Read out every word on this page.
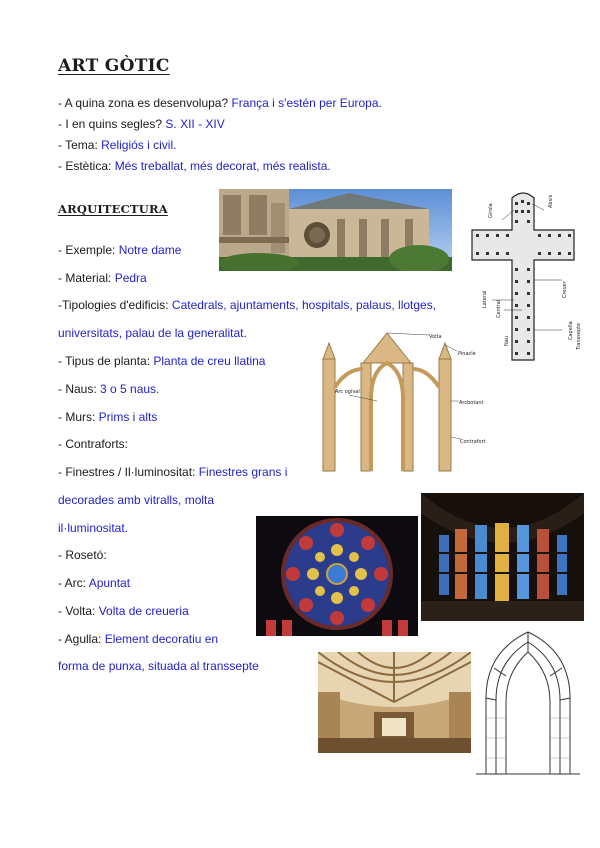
ART GÒTIC
- A quina zona es desenvolupa? França i s'estén per Europa.
- I en quins segles? S. XII - XIV
- Tema: Religiós i civil.
- Estètica: Més treballat, més decorat, més realista.
ARQUITECTURA
- Exemple: Notre dame
- Material: Pedra
-Tipologies d'edificis: Catedrals, ajuntaments, hospitals, palaus, llotges,
universitats, palau de la generalitat.
- Tipus de planta: Planta de creu llatina
- Naus: 3 o 5 naus.
- Murs: Prims i alts
- Contraforts:
- Finestres / Il·luminositat: Finestres grans i
decorades amb vitralls, molta
il·luminositat.
- Rosetó:
- Arc: Apuntat
- Volta: Volta de creueria
- Agulla: Element decoratiu en
forma de punxa, situada al transsepte
Girola
Absis
Lateral
Central
Nau
Creuer
Capella Transsepte
Volta
Pinacle
Arc ogival
Arcbotant
Contrafort
